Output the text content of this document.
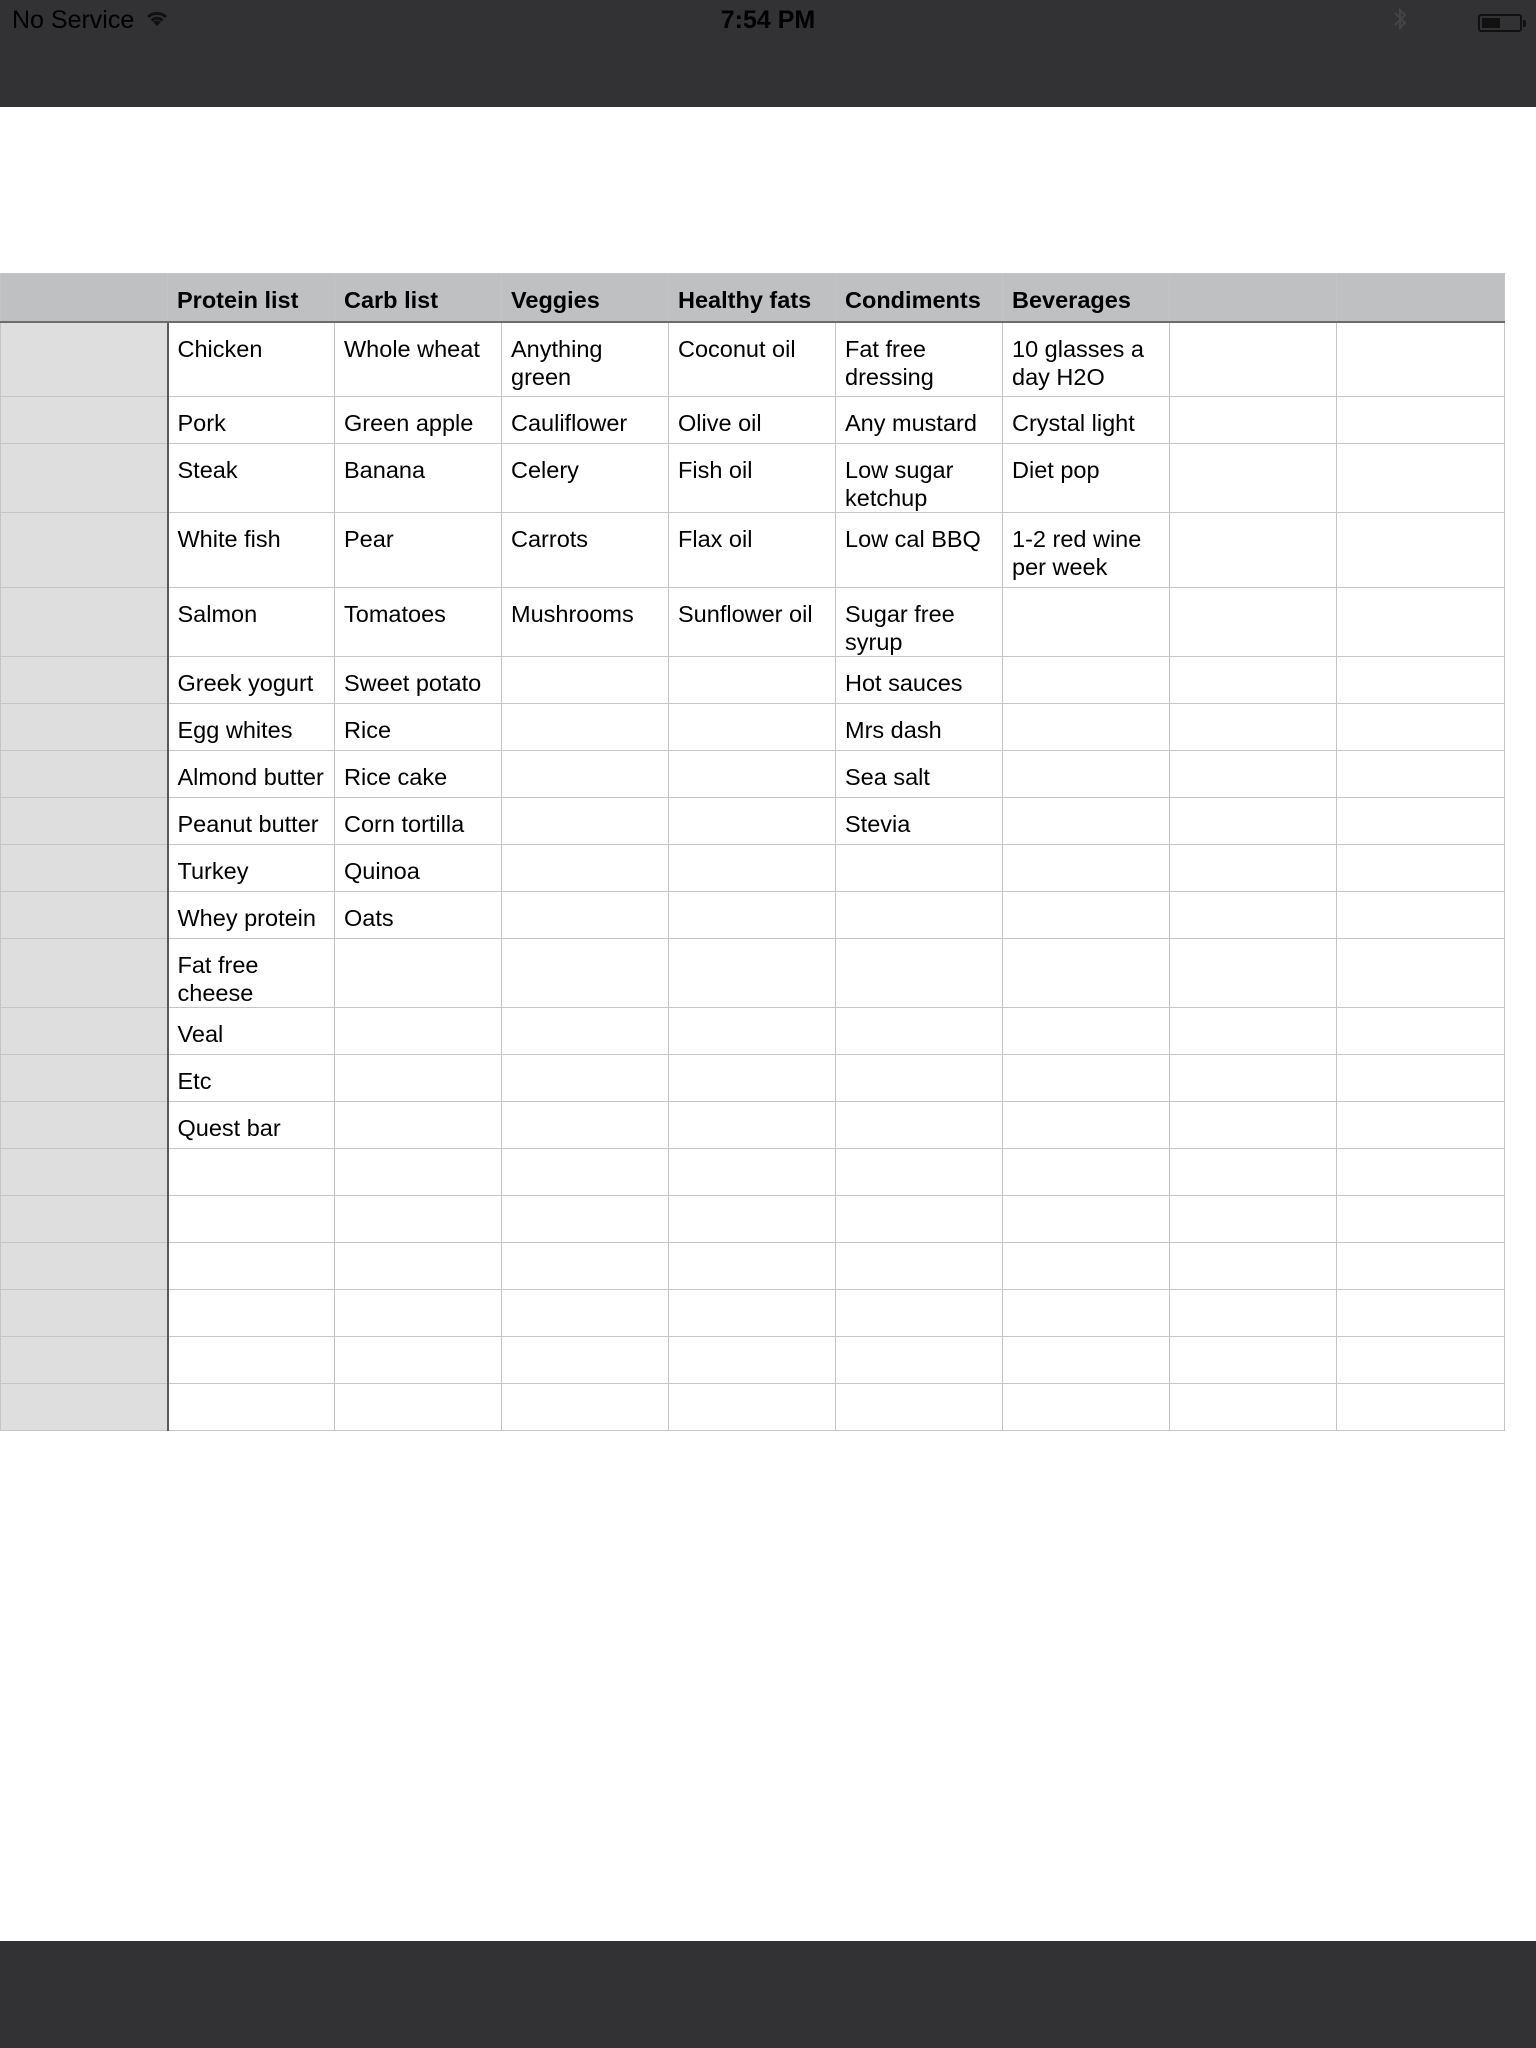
No Service	7:54 PM	49%
	Protein list	Carb list	Veggies	Healthy fats	Condiments	Beverages		
	Chicken	Whole wheat	Anything green	Coconut oil	Fat free dressing	10 glasses a day H2O		
	Pork	Green apple	Cauliflower	Olive oil	Any mustard	Crystal light		
	Steak	Banana	Celery	Fish oil	Low sugar ketchup	Diet pop		
	White fish	Pear	Carrots	Flax oil	Low cal BBQ	1-2 red wine per week		
	Salmon	Tomatoes	Mushrooms	Sunflower oil	Sugar free syrup			
	Greek yogurt	Sweet potato			Hot sauces			
	Egg whites	Rice			Mrs dash			
	Almond butter	Rice cake			Sea salt			
	Peanut butter	Corn tortilla			Stevia			
	Turkey	Quinoa						
	Whey protein	Oats						
	Fat free cheese							
	Veal							
	Etc							
	Quest bar							
